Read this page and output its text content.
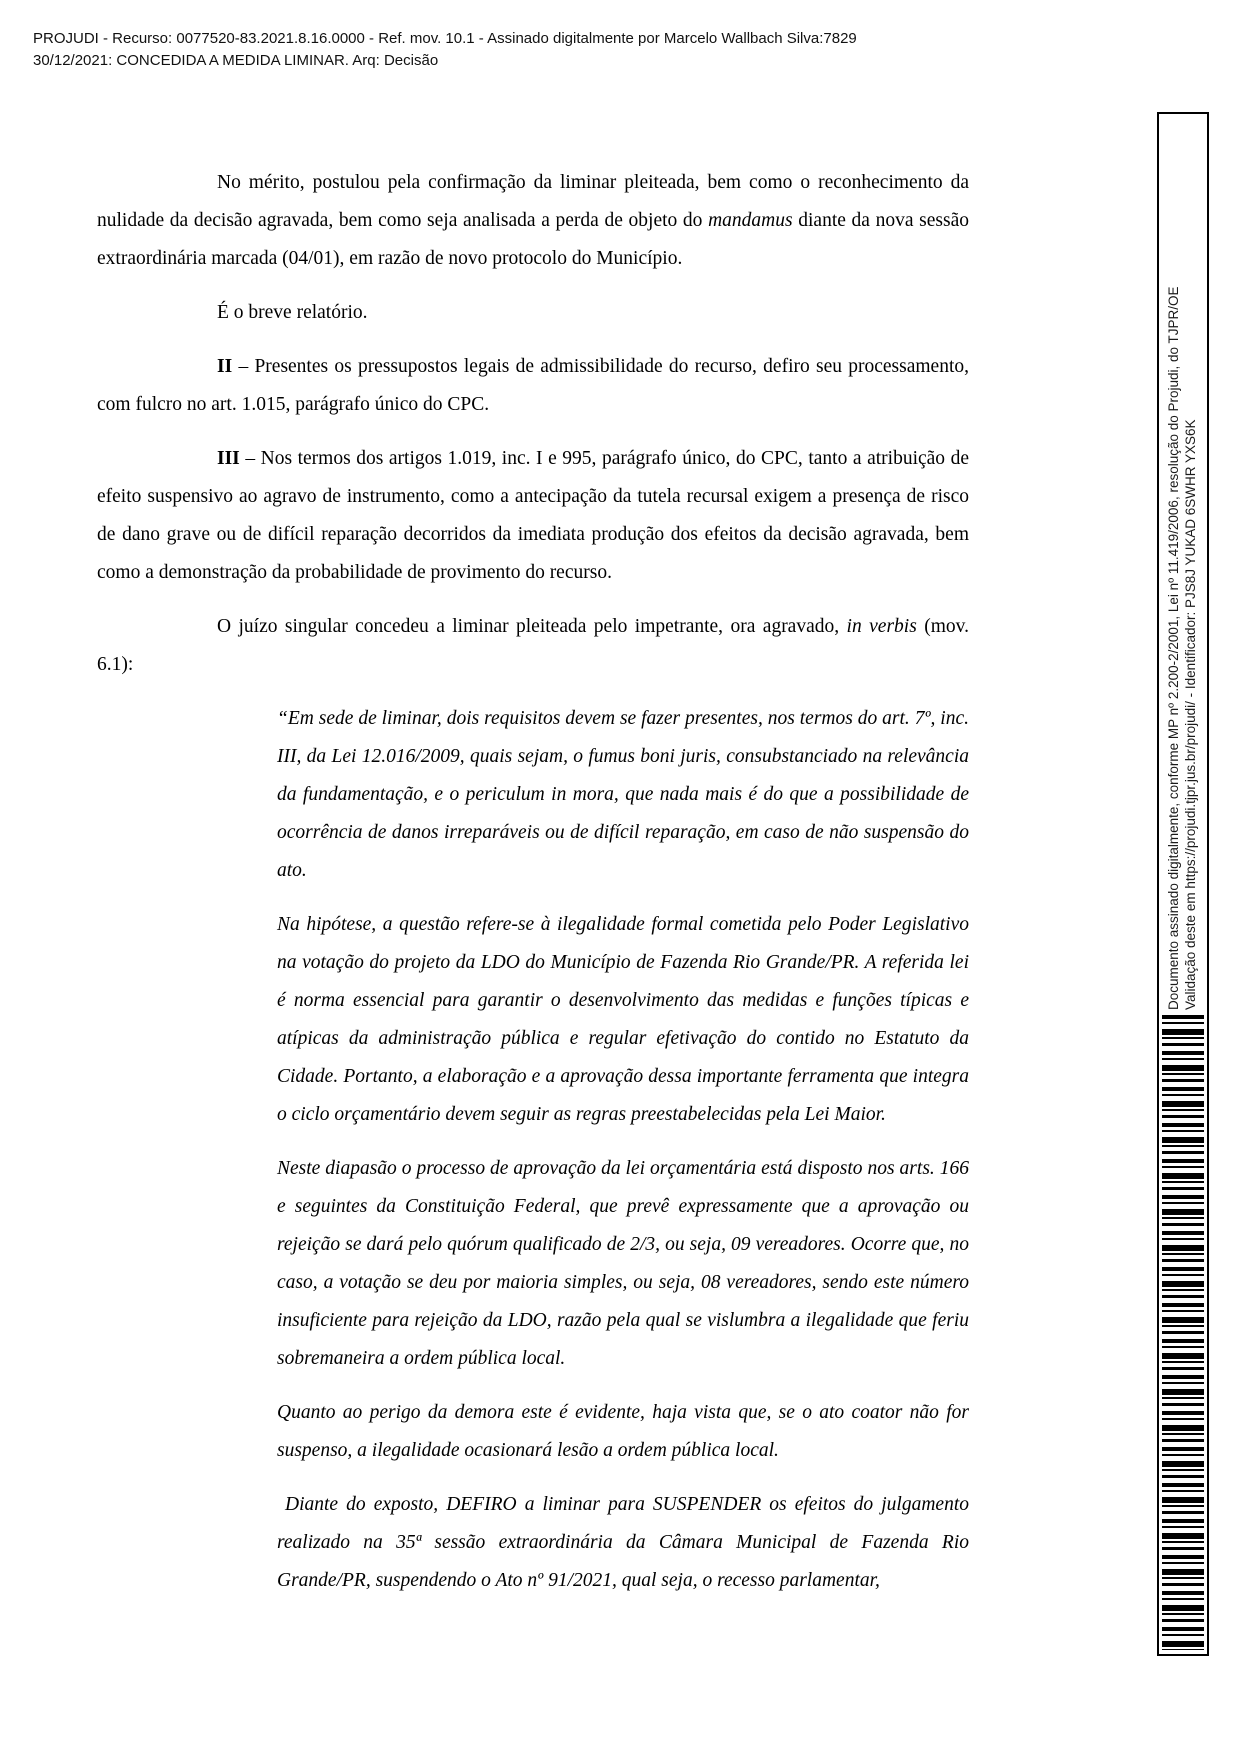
PROJUDI - Recurso: 0077520-83.2021.8.16.0000 - Ref. mov. 10.1 - Assinado digitalmente por Marcelo Wallbach Silva:7829
30/12/2021: CONCEDIDA A MEDIDA LIMINAR. Arq: Decisão

No mérito, postulou pela confirmação da liminar pleiteada, bem como o reconhecimento da nulidade da decisão agravada, bem como seja analisada a perda de objeto do mandamus diante da nova sessão extraordinária marcada (04/01), em razão de novo protocolo do Município.

É o breve relatório.

II – Presentes os pressupostos legais de admissibilidade do recurso, defiro seu processamento, com fulcro no art. 1.015, parágrafo único do CPC.

III – Nos termos dos artigos 1.019, inc. I e 995, parágrafo único, do CPC, tanto a atribuição de efeito suspensivo ao agravo de instrumento, como a antecipação da tutela recursal exigem a presença de risco de dano grave ou de difícil reparação decorridos da imediata produção dos efeitos da decisão agravada, bem como a demonstração da probabilidade de provimento do recurso.

O juízo singular concedeu a liminar pleiteada pelo impetrante, ora agravado, in verbis (mov. 6.1):

“Em sede de liminar, dois requisitos devem se fazer presentes, nos termos do art. 7º, inc. III, da Lei 12.016/2009, quais sejam, o fumus boni juris, consubstanciado na relevância da fundamentação, e o periculum in mora, que nada mais é do que a possibilidade de ocorrência de danos irreparáveis ou de difícil reparação, em caso de não suspensão do ato.

Na hipótese, a questão refere-se à ilegalidade formal cometida pelo Poder Legislativo na votação do projeto da LDO do Município de Fazenda Rio Grande/PR. A referida lei é norma essencial para garantir o desenvolvimento das medidas e funções típicas e atípicas da administração pública e regular efetivação do contido no Estatuto da Cidade. Portanto, a elaboração e a aprovação dessa importante ferramenta que integra o ciclo orçamentário devem seguir as regras preestabelecidas pela Lei Maior.

Neste diapasão o processo de aprovação da lei orçamentária está disposto nos arts. 166 e seguintes da Constituição Federal, que prevê expressamente que a aprovação ou rejeição se dará pelo quórum qualificado de 2/3, ou seja, 09 vereadores. Ocorre que, no caso, a votação se deu por maioria simples, ou seja, 08 vereadores, sendo este número insuficiente para rejeição da LDO, razão pela qual se vislumbra a ilegalidade que feriu sobremaneira a ordem pública local.

Quanto ao perigo da demora este é evidente, haja vista que, se o ato coator não for suspenso, a ilegalidade ocasionará lesão a ordem pública local.

Diante do exposto, DEFIRO a liminar para SUSPENDER os efeitos do julgamento realizado na 35ª sessão extraordinária da Câmara Municipal de Fazenda Rio Grande/PR, suspendendo o Ato nº 91/2021, qual seja, o recesso parlamentar,

Documento assinado digitalmente, conforme MP nº 2.200-2/2001, Lei nº 11.419/2006, resolução do Projudi, do TJPR/OE Validação deste em https://projudi.tjpr.jus.br/projudi/ - Identificador: PJS8J YUKAD 6SWHR YXS6K
